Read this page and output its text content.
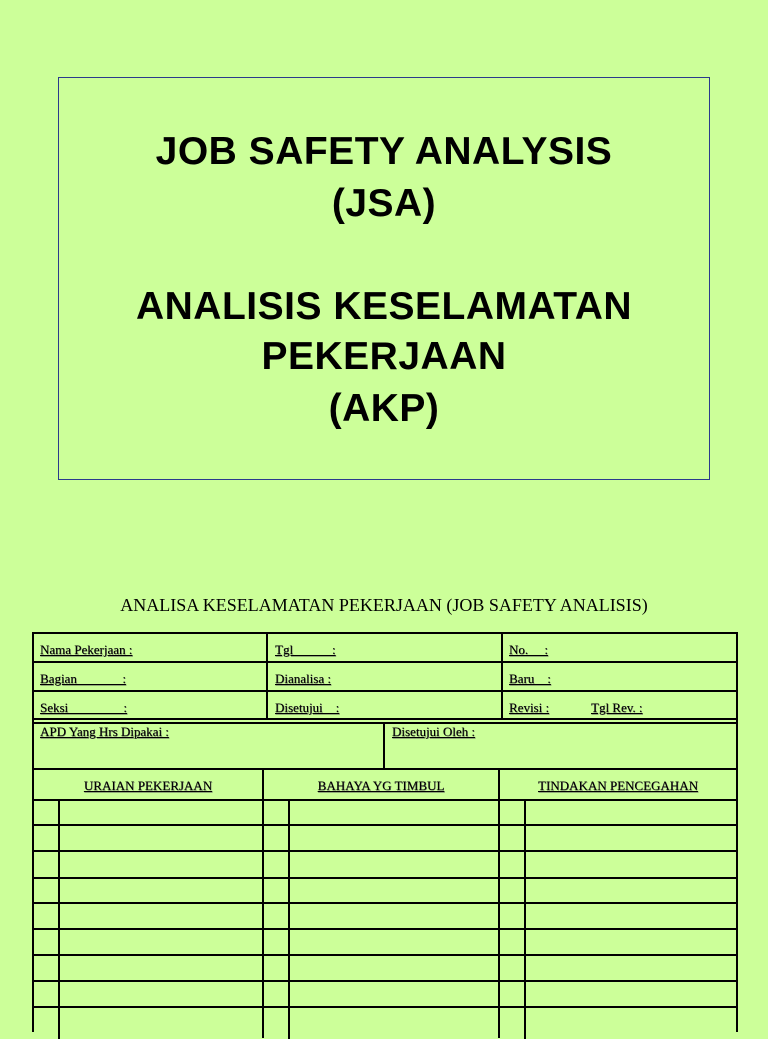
JOB SAFETY ANALYSIS
(JSA)
ANALISIS KESELAMATAN
PEKERJAAN
(AKP)
ANALISA KESELAMATAN PEKERJAAN (JOB SAFETY ANALISIS)
Nama Pekerjaan :	Tgl            :	No.     :
Bagian              :	Dianalisa :	Baru    :
Seksi                 :	Disetujui    :	Revisi :	Tgl Rev. :
APD Yang Hrs Dipakai :	Disetujui Oleh :
URAIAN PEKERJAAN	BAHAYA YG TIMBUL	TINDAKAN PENCEGAHAN
